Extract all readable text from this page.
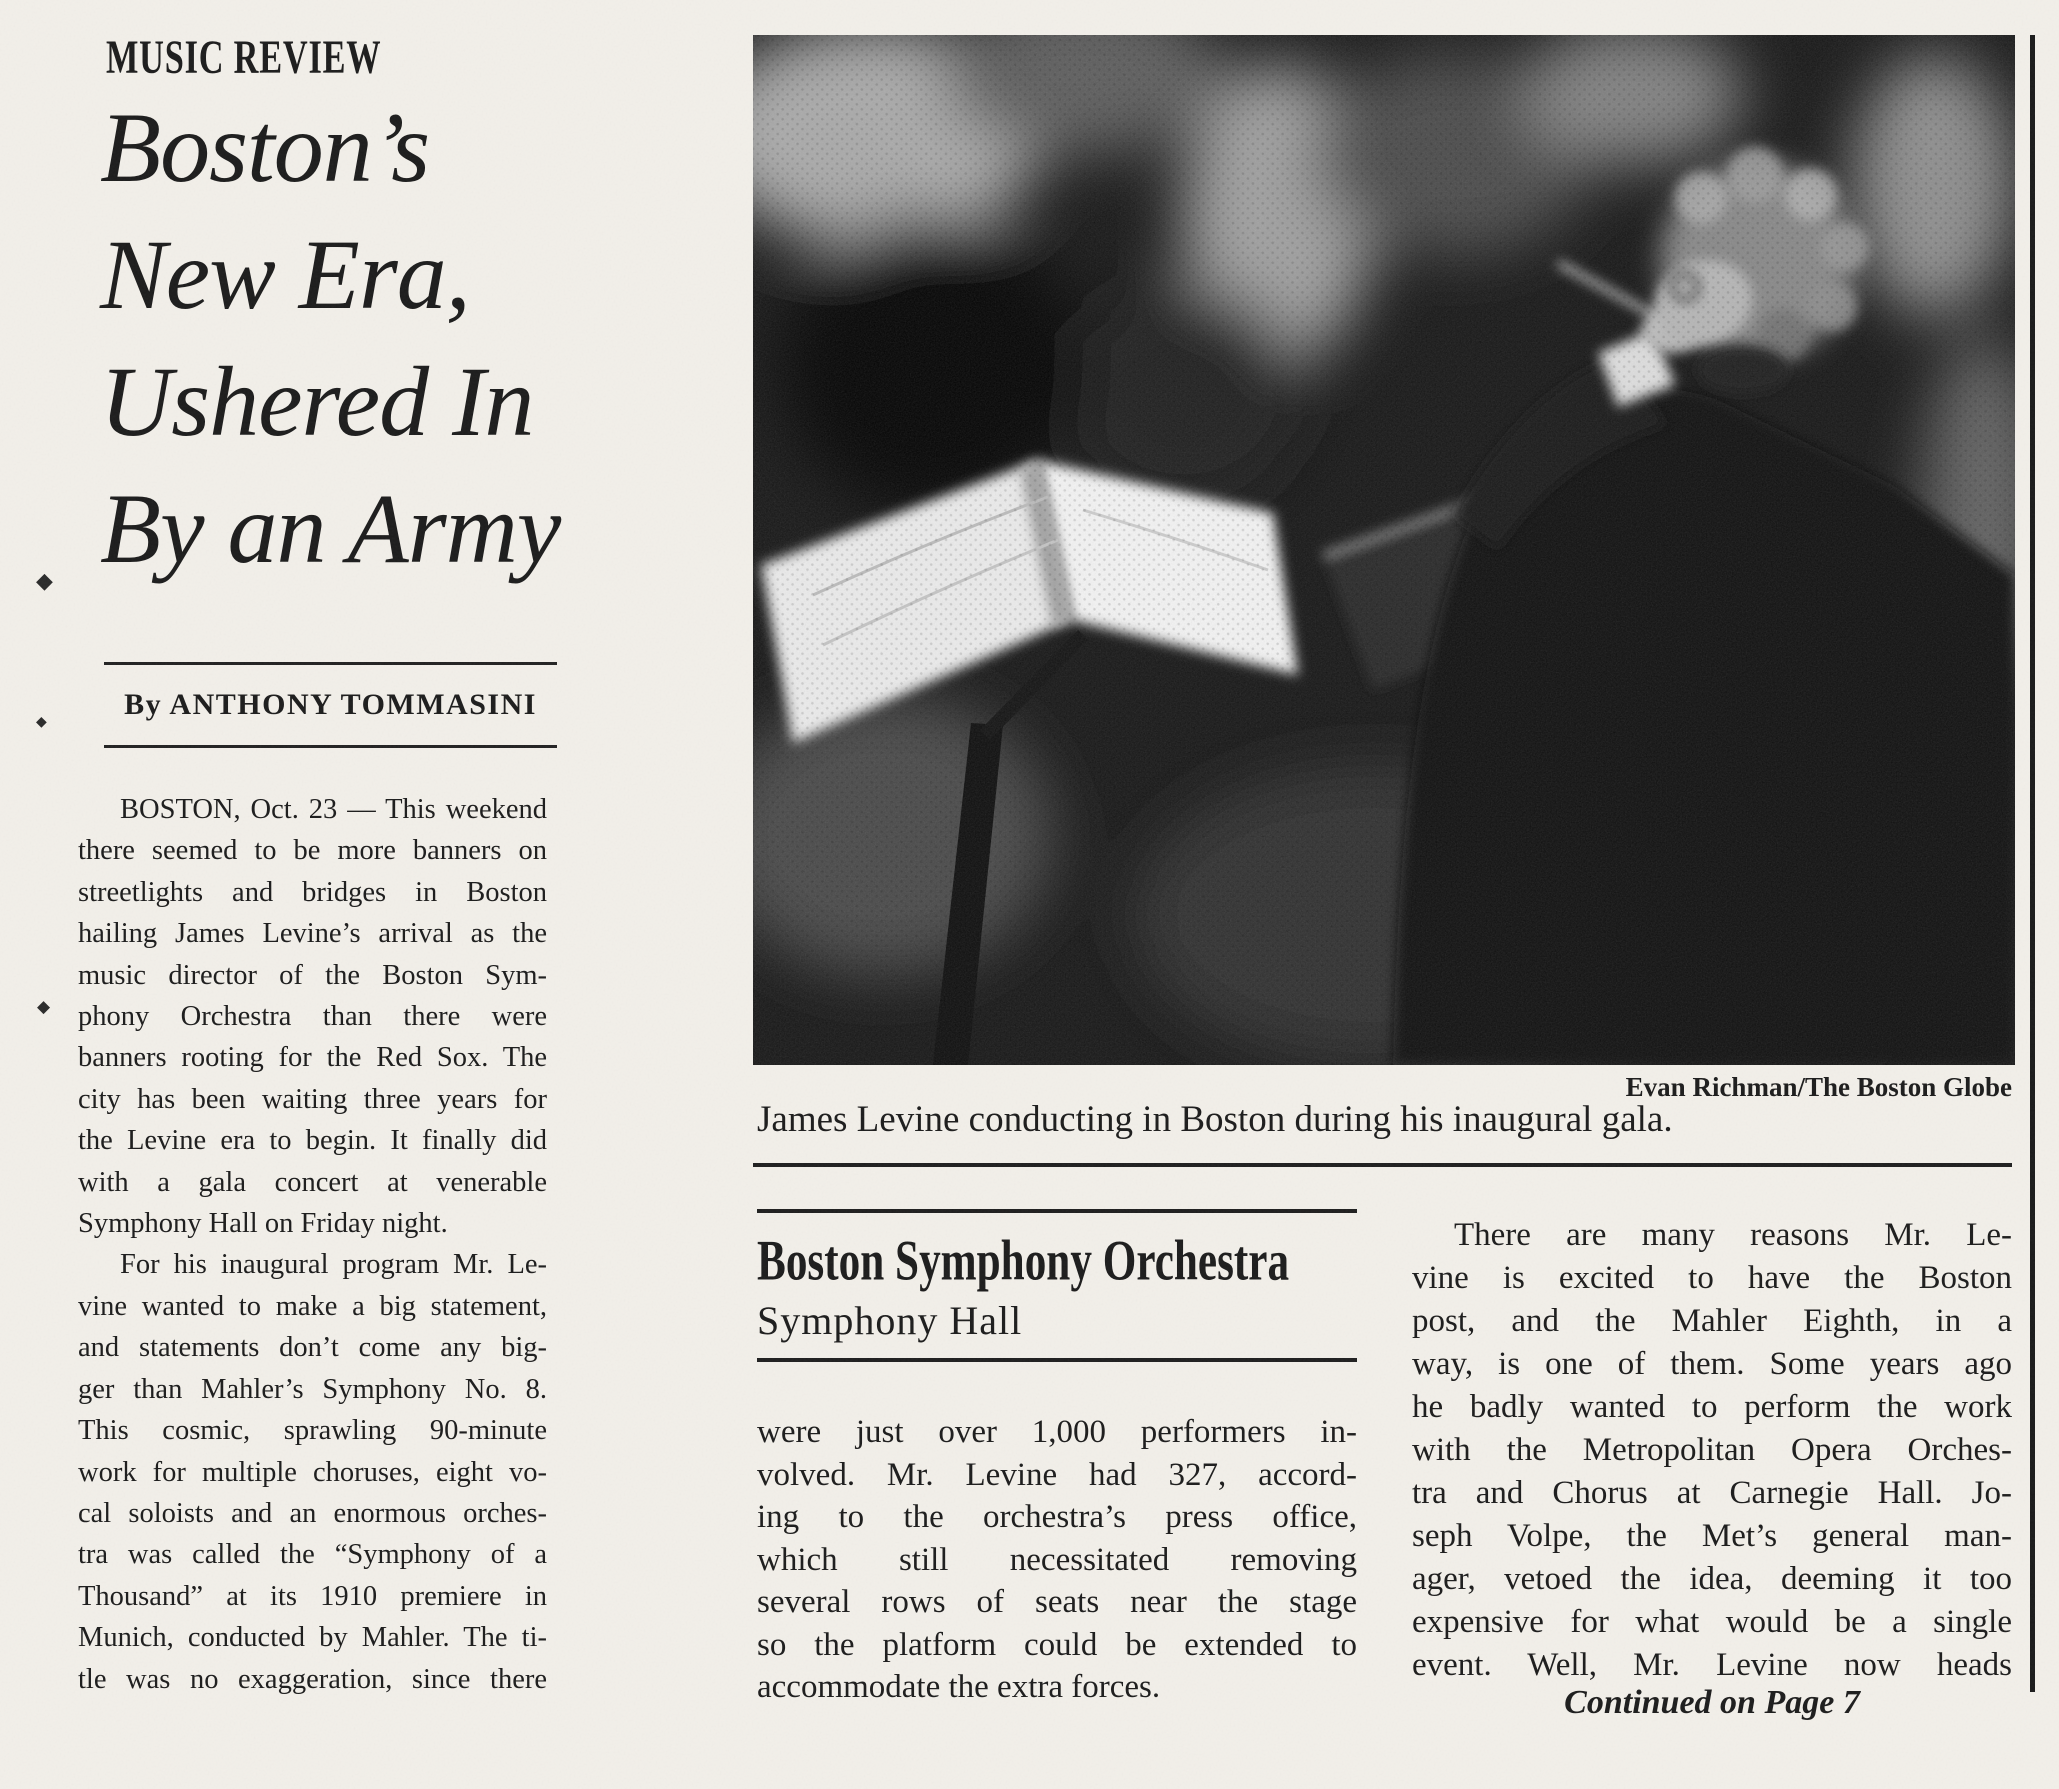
MUSIC REVIEW
Boston’s
New Era,
Ushered In
By an Army
By ANTHONY TOMMASINI
BOSTON, Oct. 23 — This weekend
there seemed to be more banners on
streetlights and bridges in Boston
hailing James Levine’s arrival as the
music director of the Boston Sym-
phony Orchestra than there were
banners rooting for the Red Sox. The
city has been waiting three years for
the Levine era to begin. It finally did
with a gala concert at venerable
Symphony Hall on Friday night.
For his inaugural program Mr. Le-
vine wanted to make a big statement,
and statements don’t come any big-
ger than Mahler’s Symphony No. 8.
This cosmic, sprawling 90-minute
work for multiple choruses, eight vo-
cal soloists and an enormous orches-
tra was called the “Symphony of a
Thousand” at its 1910 premiere in
Munich, conducted by Mahler. The ti-
tle was no exaggeration, since there
Evan Richman/The Boston Globe
James Levine conducting in Boston during his inaugural gala.
Boston Symphony Orchestra
Symphony Hall
were just over 1,000 performers in-
volved. Mr. Levine had 327, accord-
ing to the orchestra’s press office,
which still necessitated removing
several rows of seats near the stage
so the platform could be extended to
accommodate the extra forces.
There are many reasons Mr. Le-
vine is excited to have the Boston
post, and the Mahler Eighth, in a
way, is one of them. Some years ago
he badly wanted to perform the work
with the Metropolitan Opera Orches-
tra and Chorus at Carnegie Hall. Jo-
seph Volpe, the Met’s general man-
ager, vetoed the idea, deeming it too
expensive for what would be a single
event. Well, Mr. Levine now heads
Continued on Page 7
◆
◆
◆
